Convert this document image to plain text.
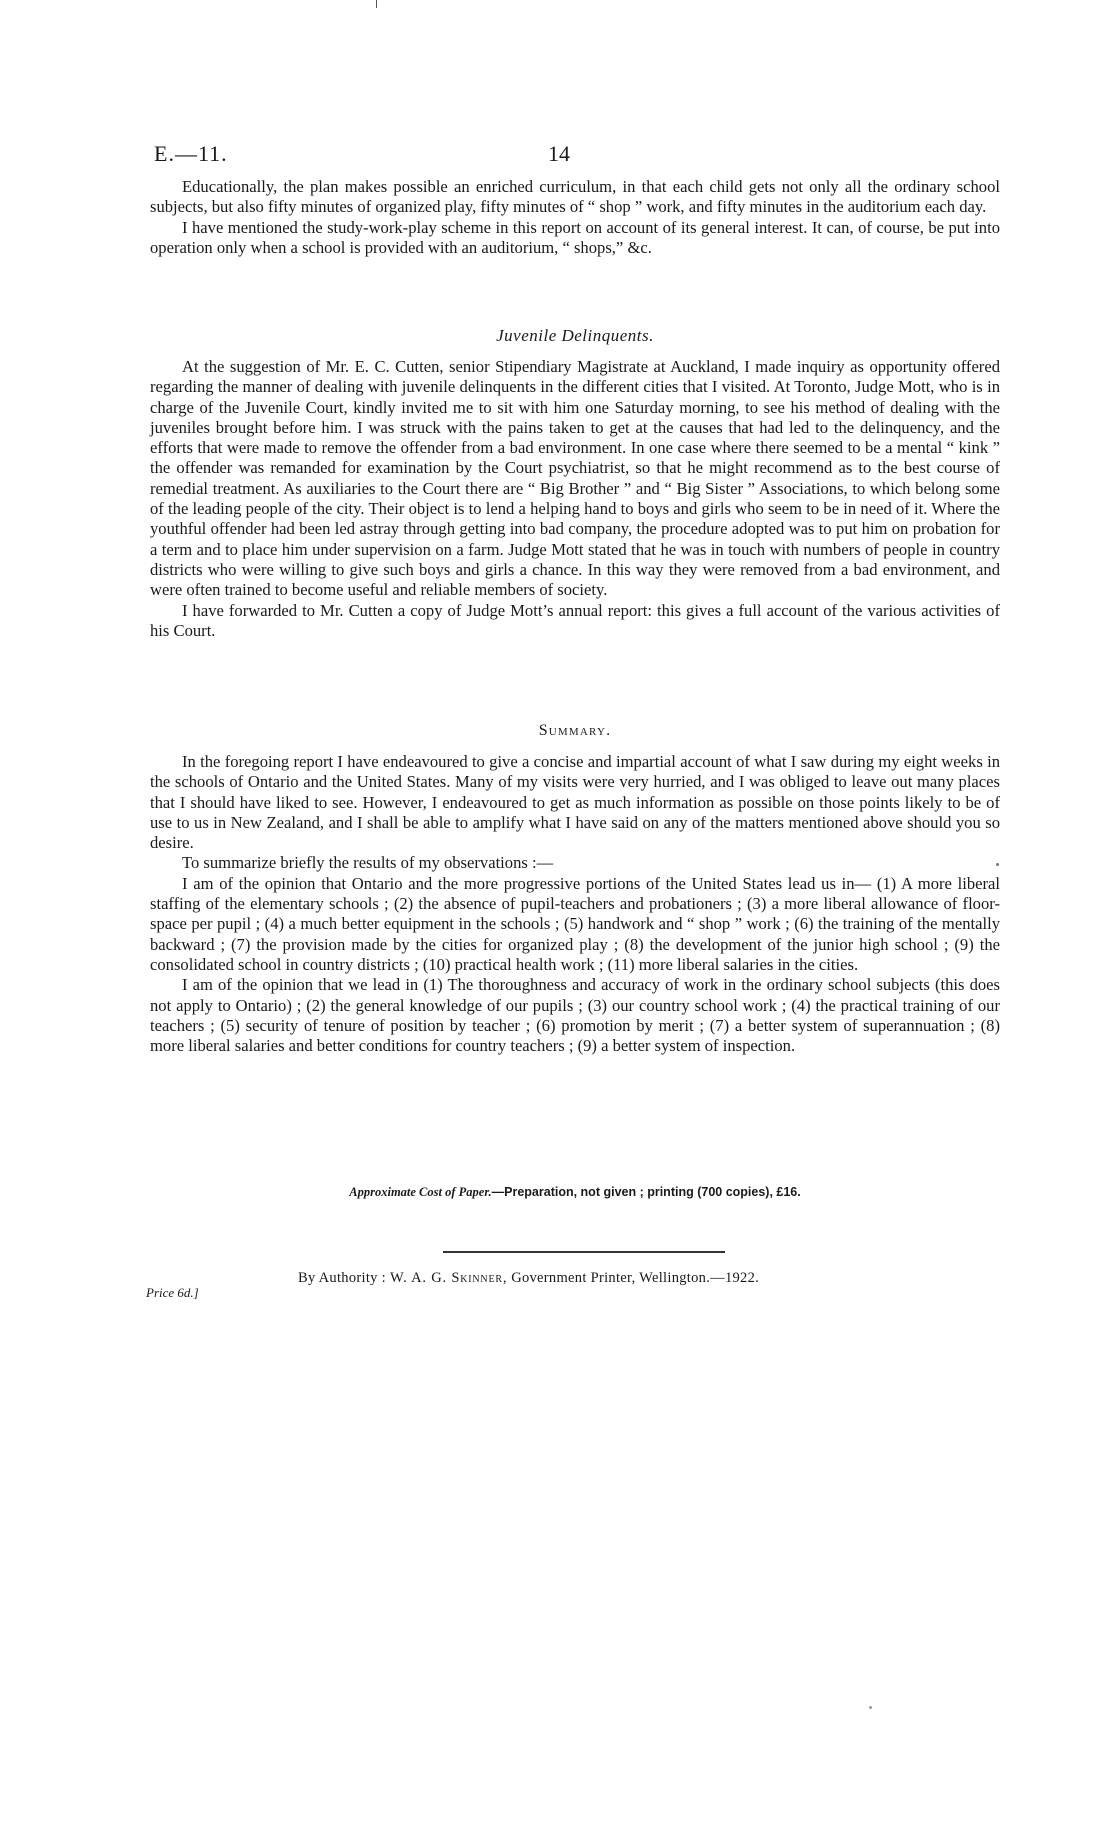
E.—11.	14

Educationally, the plan makes possible an enriched curriculum, in that each child gets not only all the ordinary school subjects, but also fifty minutes of organized play, fifty minutes of “ shop ” work, and fifty minutes in the auditorium each day.

I have mentioned the study-work-play scheme in this report on account of its general interest. It can, of course, be put into operation only when a school is provided with an auditorium, “ shops,” &c.

Juvenile Delinquents.

At the suggestion of Mr. E. C. Cutten, senior Stipendiary Magistrate at Auckland, I made inquiry as opportunity offered regarding the manner of dealing with juvenile delinquents in the different cities that I visited. At Toronto, Judge Mott, who is in charge of the Juvenile Court, kindly invited me to sit with him one Saturday morning, to see his method of dealing with the juveniles brought before him. I was struck with the pains taken to get at the causes that had led to the delinquency, and the efforts that were made to remove the offender from a bad environment. In one case where there seemed to be a mental “ kink ” the offender was remanded for examination by the Court psychiatrist, so that he might recommend as to the best course of remedial treatment. As auxiliaries to the Court there are “ Big Brother ” and “ Big Sister ” Associations, to which belong some of the leading people of the city. Their object is to lend a helping hand to boys and girls who seem to be in need of it. Where the youthful offender had been led astray through getting into bad company, the procedure adopted was to put him on probation for a term and to place him under supervision on a farm. Judge Mott stated that he was in touch with numbers of people in country districts who were willing to give such boys and girls a chance. In this way they were removed from a bad environment, and were often trained to become useful and reliable members of society.

I have forwarded to Mr. Cutten a copy of Judge Mott’s annual report: this gives a full account of the various activities of his Court.

Summary.

In the foregoing report I have endeavoured to give a concise and impartial account of what I saw during my eight weeks in the schools of Ontario and the United States. Many of my visits were very hurried, and I was obliged to leave out many places that I should have liked to see. However, I endeavoured to get as much information as possible on those points likely to be of use to us in New Zealand, and I shall be able to amplify what I have said on any of the matters mentioned above should you so desire.

To summarize briefly the results of my observations :—

I am of the opinion that Ontario and the more progressive portions of the United States lead us in— (1) A more liberal staffing of the elementary schools ; (2) the absence of pupil-teachers and probationers ; (3) a more liberal allowance of floor-space per pupil ; (4) a much better equipment in the schools ; (5) handwork and “ shop ” work ; (6) the training of the mentally backward ; (7) the provision made by the cities for organized play ; (8) the development of the junior high school ; (9) the consolidated school in country districts ; (10) practical health work ; (11) more liberal salaries in the cities.

I am of the opinion that we lead in (1) The thoroughness and accuracy of work in the ordinary school subjects (this does not apply to Ontario) ; (2) the general knowledge of our pupils ; (3) our country school work ; (4) the practical training of our teachers ; (5) security of tenure of position by teacher ; (6) promotion by merit ; (7) a better system of superannuation ; (8) more liberal salaries and better conditions for country teachers ; (9) a better system of inspection.

Approximate Cost of Paper.—Preparation, not given ; printing (700 copies), £16.
By Authority : W. A. G. Skinner, Government Printer, Wellington.—1922.
Price 6d.]
